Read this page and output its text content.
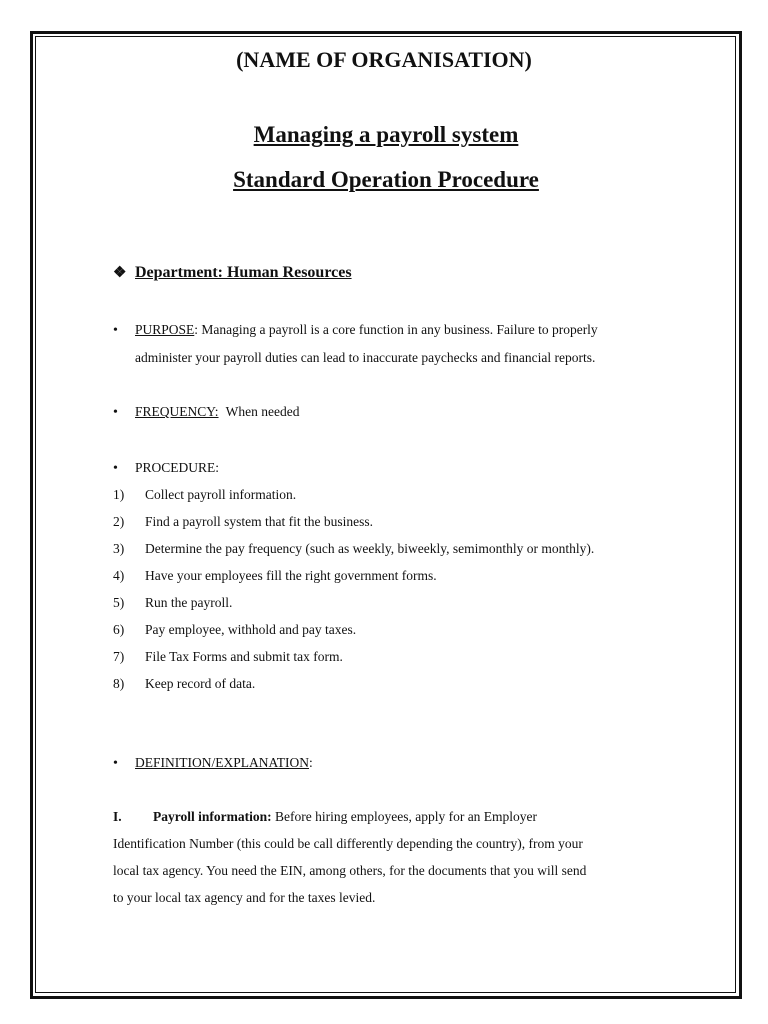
(NAME OF ORGANISATION)
Managing a payroll system
Standard Operation Procedure
❖ Department: Human Resources
• PURPOSE: Managing a payroll is a core function in any business. Failure to properly
administer your payroll duties can lead to inaccurate paychecks and financial reports.
• FREQUENCY: When needed
• PROCEDURE:
1) Collect payroll information.
2) Find a payroll system that fit the business.
3) Determine the pay frequency (such as weekly, biweekly, semimonthly or monthly).
4) Have your employees fill the right government forms.
5) Run the payroll.
6) Pay employee, withhold and pay taxes.
7) File Tax Forms and submit tax form.
8) Keep record of data.
• DEFINITION/EXPLANATION:
I. Payroll information: Before hiring employees, apply for an Employer
Identification Number (this could be call differently depending the country), from your
local tax agency. You need the EIN, among others, for the documents that you will send
to your local tax agency and for the taxes levied.
